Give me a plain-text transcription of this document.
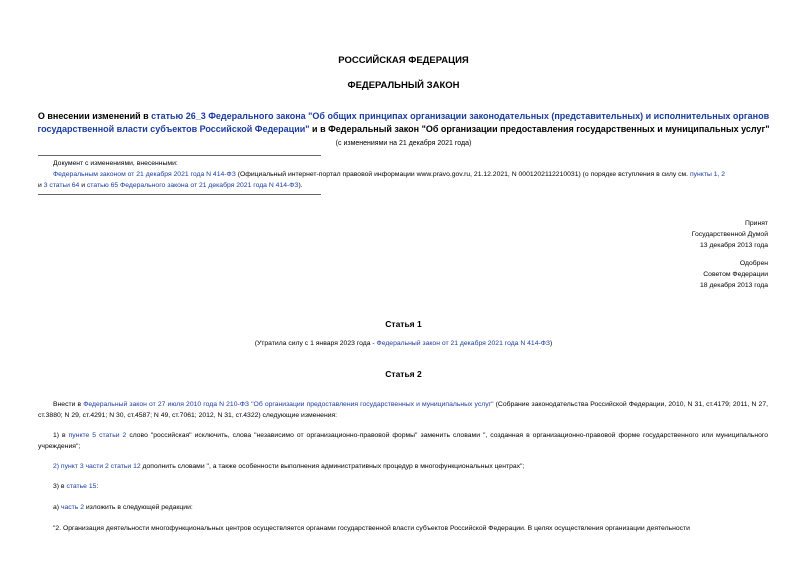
РОССИЙСКАЯ ФЕДЕРАЦИЯ
ФЕДЕРАЛЬНЫЙ ЗАКОН
О внесении изменений в статью 26_3 Федерального закона "Об общих принципах организации законодательных (представительных) и исполнительных органов государственной власти субъектов Российской Федерации" и в Федеральный закон "Об организации предоставления государственных и муниципальных услуг"
(с изменениями на 21 декабря 2021 года)
Документ с изменениями, внесенными:
Федеральным законом от 21 декабря 2021 года N 414-ФЗ (Официальный интернет-портал правовой информации www.pravo.gov.ru, 21.12.2021, N 0001202112210031) (о порядке вступления в силу см. пункты 1, 2
и 3 статьи 64 и статью 65 Федерального закона от 21 декабря 2021 года N 414-ФЗ).
Принят
Государственной Думой
13 декабря 2013 года
Одобрен
Советом Федерации
18 декабря 2013 года
Статья 1
(Утратила силу с 1 января 2023 года - Федеральный закон от 21 декабря 2021 года N 414-ФЗ)
Статья 2
Внести в Федеральный закон от 27 июля 2010 года N 210-ФЗ "Об организации предоставления государственных и муниципальных услуг" (Собрание законодательства Российской Федерации, 2010, N 31, ст.4179; 2011, N 27, ст.3880; N 29, ст.4291; N 30, ст.4587; N 49, ст.7061; 2012, N 31, ст.4322) следующие изменения:
1) в пункте 5 статьи 2 слово "российская" исключить, слова "независимо от организационно-правовой формы" заменить словами ", созданная в организационно-правовой форме государственного или муниципального учреждения";
2) пункт 3 части 2 статьи 12 дополнить словами ", а также особенности выполнения административных процедур в многофункциональных центрах";
3) в статье 15:
а) часть 2 изложить в следующей редакции:
"2. Организация деятельности многофункциональных центров осуществляется органами государственной власти субъектов Российской Федерации. В целях осуществления организации деятельности
